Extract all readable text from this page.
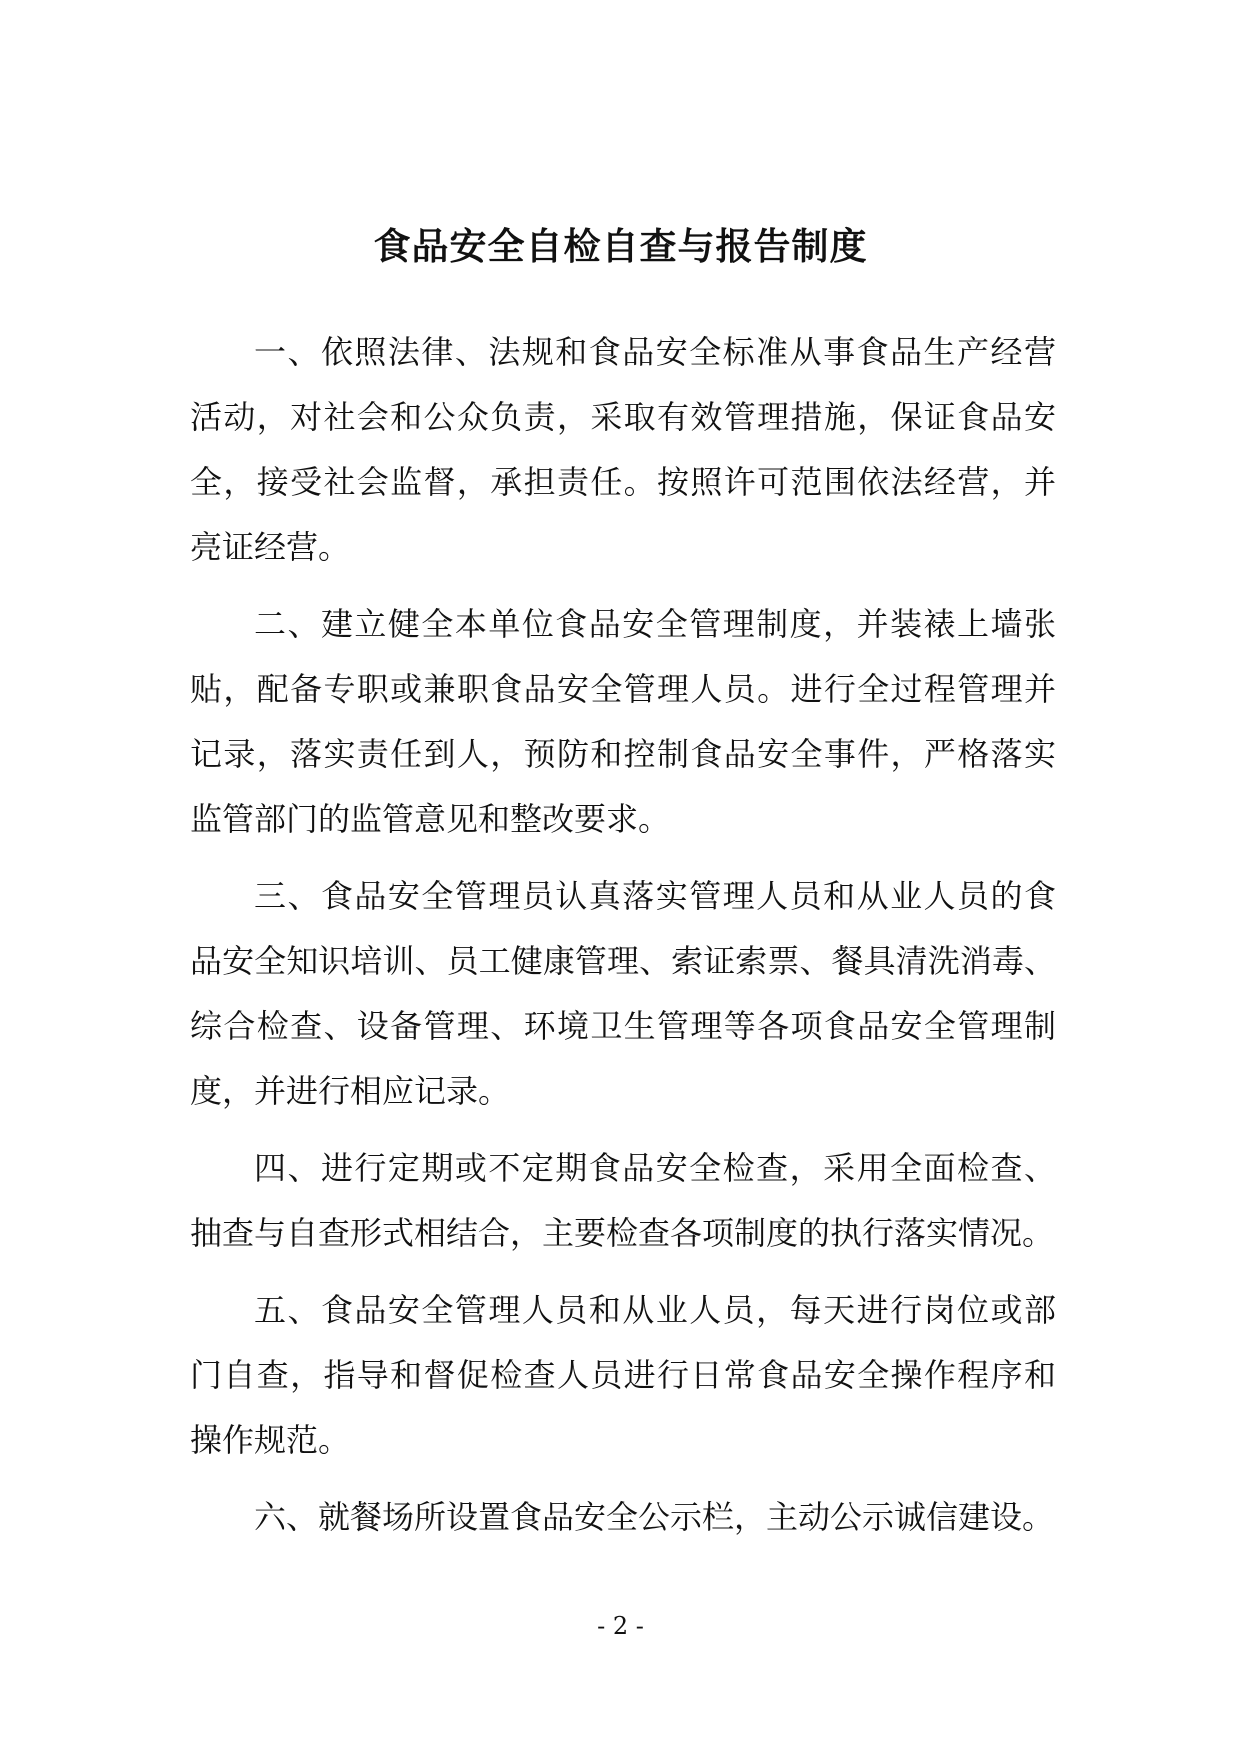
食品安全自检自查与报告制度
一、依照法律、法规和食品安全标准从事食品生产经营
活动，对社会和公众负责，采取有效管理措施，保证食品安
全，接受社会监督，承担责任。按照许可范围依法经营，并
亮证经营。
二、建立健全本单位食品安全管理制度，并装裱上墙张
贴，配备专职或兼职食品安全管理人员。进行全过程管理并
记录，落实责任到人，预防和控制食品安全事件，严格落实
监管部门的监管意见和整改要求。
三、食品安全管理员认真落实管理人员和从业人员的食
品安全知识培训、员工健康管理、索证索票、餐具清洗消毒、
综合检查、设备管理、环境卫生管理等各项食品安全管理制
度，并进行相应记录。
四、进行定期或不定期食品安全检查，采用全面检查、
抽查与自查形式相结合，主要检查各项制度的执行落实情况。
五、食品安全管理人员和从业人员，每天进行岗位或部
门自查，指导和督促检查人员进行日常食品安全操作程序和
操作规范。
六、就餐场所设置食品安全公示栏，主动公示诚信建设。
- 2 -
